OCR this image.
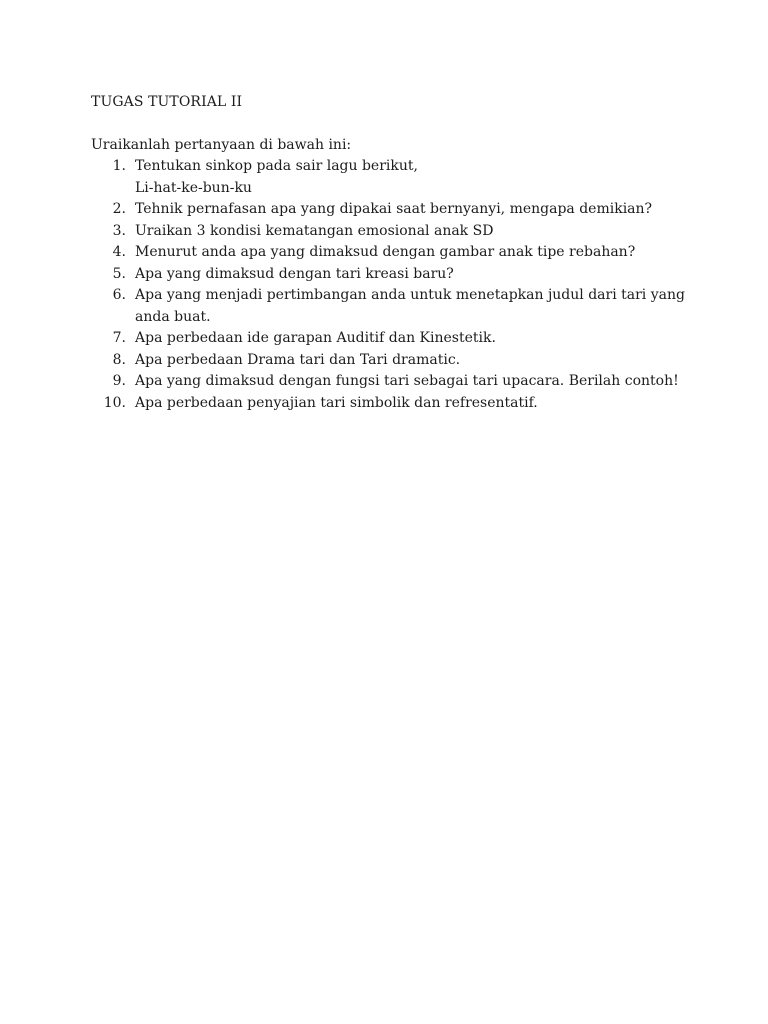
TUGAS TUTORIAL II
Uraikanlah pertanyaan di bawah ini:
1. Tentukan sinkop pada sair lagu berikut,
Li-hat-ke-bun-ku
2. Tehnik pernafasan apa yang dipakai saat bernyanyi, mengapa demikian?
3. Uraikan 3 kondisi kematangan emosional anak SD
4. Menurut anda apa yang dimaksud dengan gambar anak tipe rebahan?
5. Apa yang dimaksud dengan tari kreasi baru?
6. Apa yang menjadi pertimbangan anda untuk menetapkan judul dari tari yang
anda buat.
7. Apa perbedaan ide garapan Auditif dan Kinestetik.
8. Apa perbedaan Drama tari dan Tari dramatic.
9. Apa yang dimaksud dengan fungsi tari sebagai tari upacara. Berilah contoh!
10. Apa perbedaan penyajian tari simbolik dan refresentatif.
